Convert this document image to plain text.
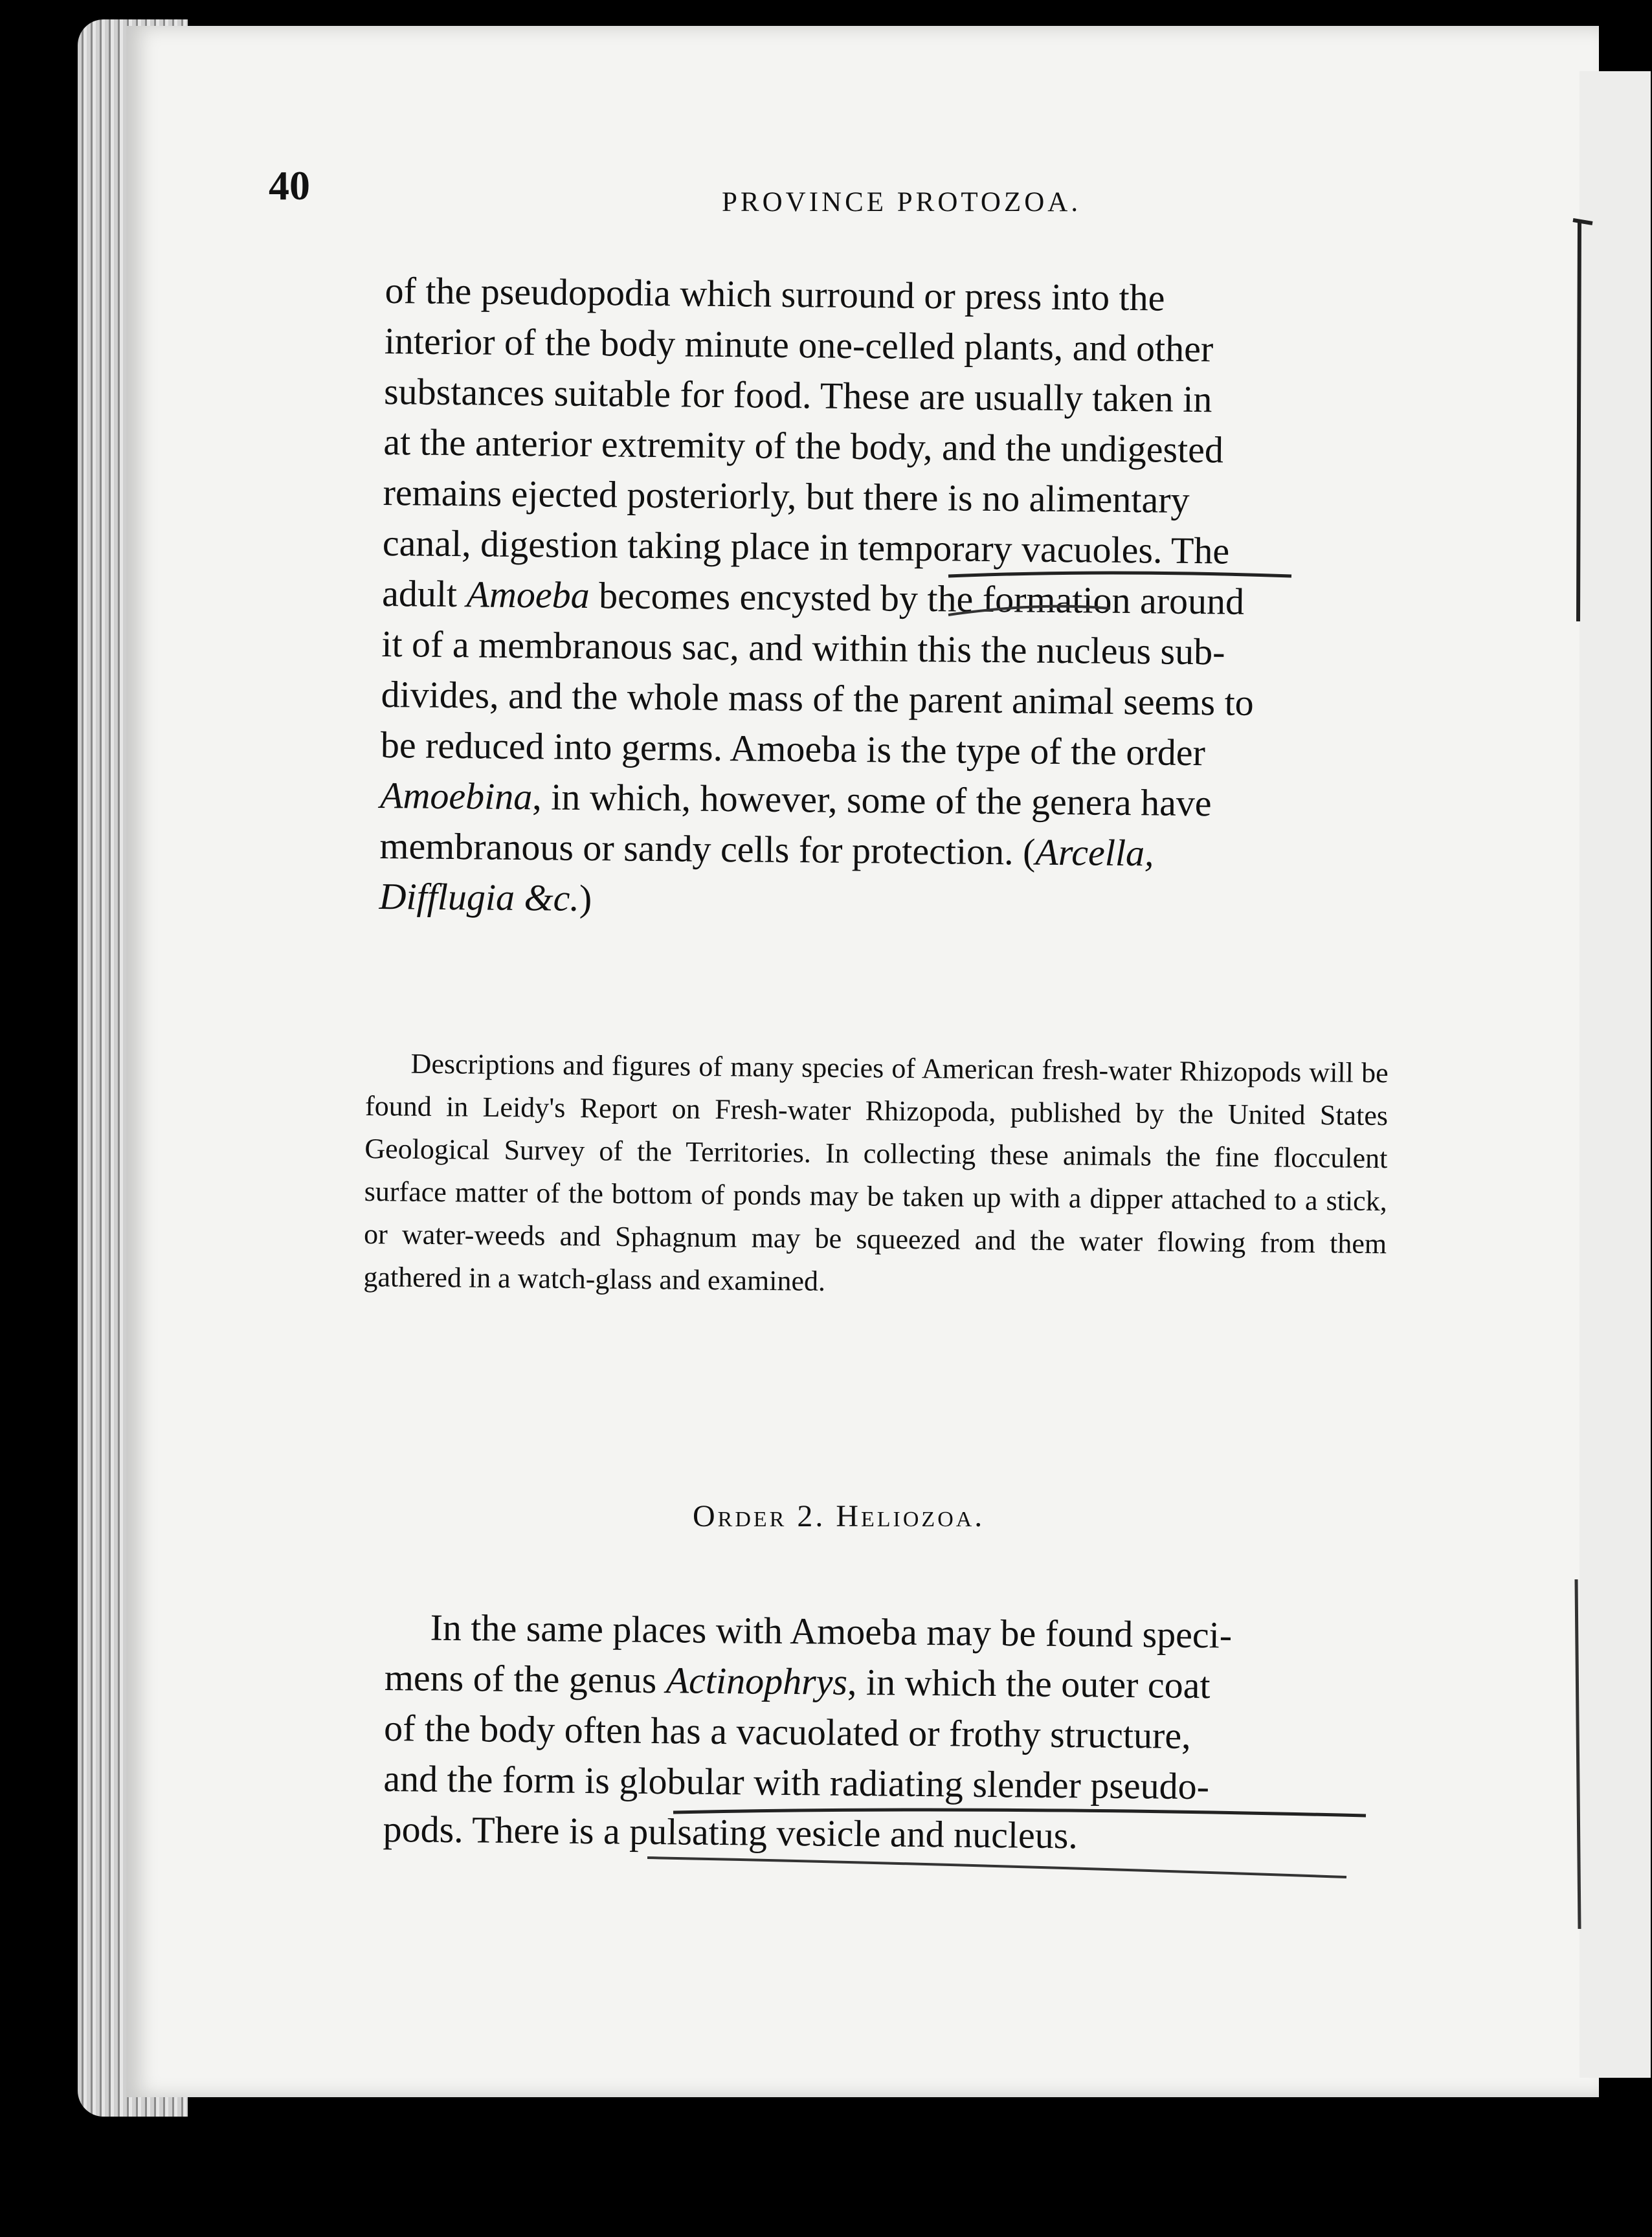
40	PROVINCE PROTOZOA.
of the pseudopodia which surround or press into the
interior of the body minute one-celled plants, and other
substances suitable for food. These are usually taken in
at the anterior extremity of the body, and the undigested
remains ejected posteriorly, but there is no alimentary
canal, digestion taking place in temporary vacuoles. The
adult Amoeba becomes encysted by the formation around
it of a membranous sac, and within this the nucleus sub-
divides, and the whole mass of the parent animal seems to
be reduced into germs. Amoeba is the type of the order
Amoebina, in which, however, some of the genera have
membranous or sandy cells for protection. (Arcella,
Difflugia &c.)
Descriptions and figures of many species of American fresh-water Rhizopods will be found in Leidy's Report on Fresh-water Rhizopoda, published by the United States Geological Survey of the Territories. In collecting these animals the fine flocculent surface matter of the bottom of ponds may be taken up with a dipper attached to a stick, or water-weeds and Sphagnum may be squeezed and the water flowing from them gathered in a watch-glass and examined.
Order 2. Heliozoa.
In the same places with Amoeba may be found speci-
mens of the genus Actinophrys, in which the outer coat
of the body often has a vacuolated or frothy structure,
and the form is globular with radiating slender pseudo-
pods. There is a pulsating vesicle and nucleus.
